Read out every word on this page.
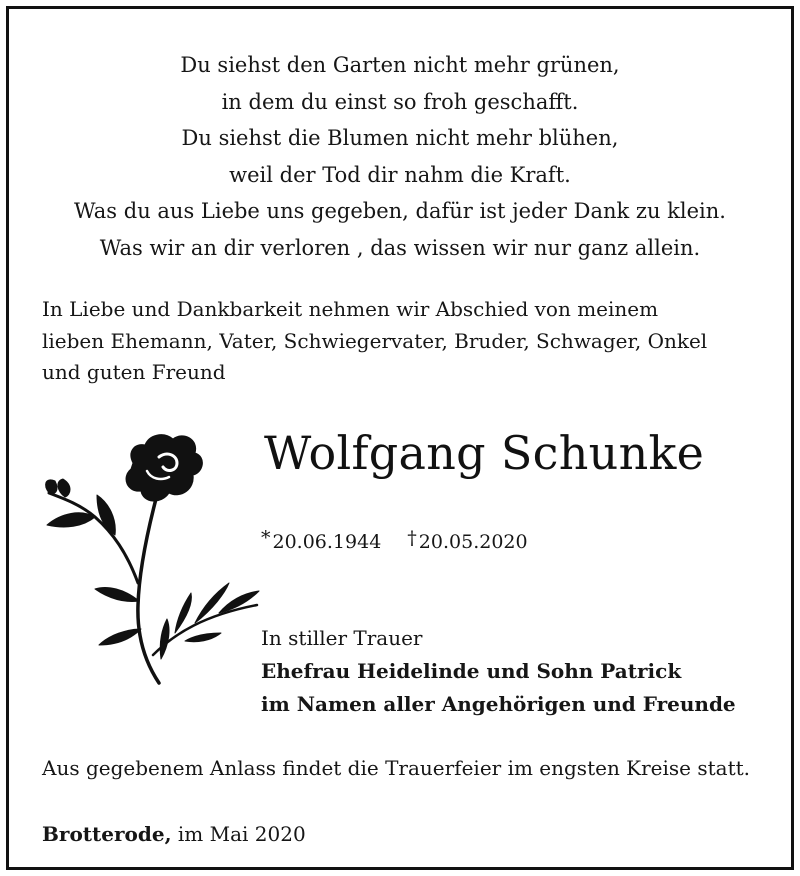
Du siehst den Garten nicht mehr grünen,
in dem du einst so froh geschafft.
Du siehst die Blumen nicht mehr blühen,
weil der Tod dir nahm die Kraft.
Was du aus Liebe uns gegeben, dafür ist jeder Dank zu klein.
Was wir an dir verloren , das wissen wir nur ganz allein.
In Liebe und Dankbarkeit nehmen wir Abschied von meinem
lieben Ehemann, Vater, Schwiegervater, Bruder, Schwager, Onkel
und guten Freund
Wolfgang Schunke
* 20.06.1944 † 20.05.2020
In stiller Trauer
Ehefrau Heidelinde und Sohn Patrick
im Namen aller Angehörigen und Freunde
Aus gegebenem Anlass findet die Trauerfeier im engsten Kreise statt.
Brotterode, im Mai 2020
